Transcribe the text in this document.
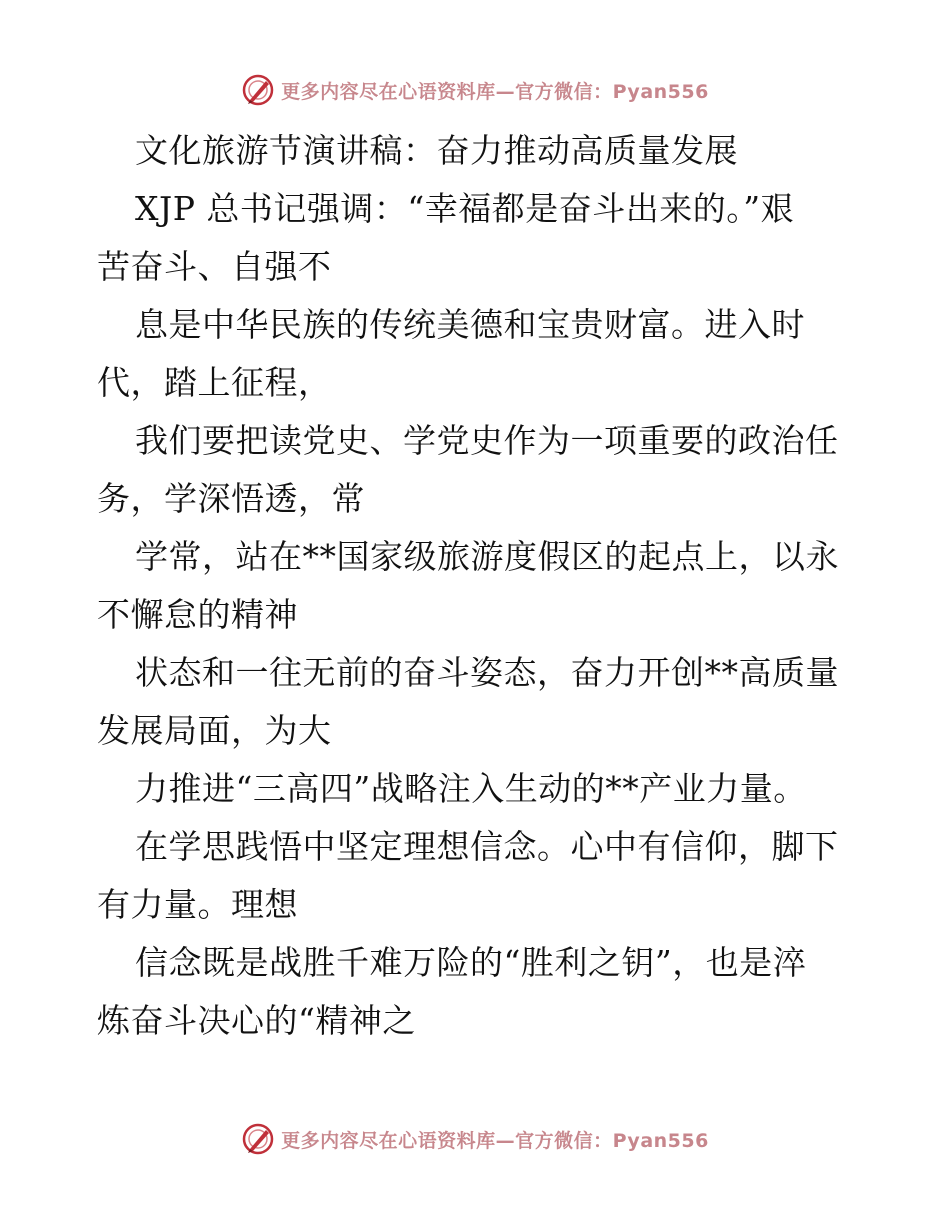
更多内容尽在心语资料库—官方微信：Pyan556
文化旅游节演讲稿：奋力推动高质量发展
XJP 总书记强调：“幸福都是奋斗出来的。”艰
苦奋斗、自强不
息是中华民族的传统美德和宝贵财富。进入时
代，踏上征程，
我们要把读党史、学党史作为一项重要的政治任
务，学深悟透，常
学常，站在**国家级旅游度假区的起点上，以永
不懈怠的精神
状态和一往无前的奋斗姿态，奋力开创**高质量
发展局面，为大
力推进“三高四”战略注入生动的**产业力量。
在学思践悟中坚定理想信念。心中有信仰，脚下
有力量。理想
信念既是战胜千难万险的“胜利之钥”，也是淬
炼奋斗决心的“精神之
更多内容尽在心语资料库—官方微信：Pyan556
